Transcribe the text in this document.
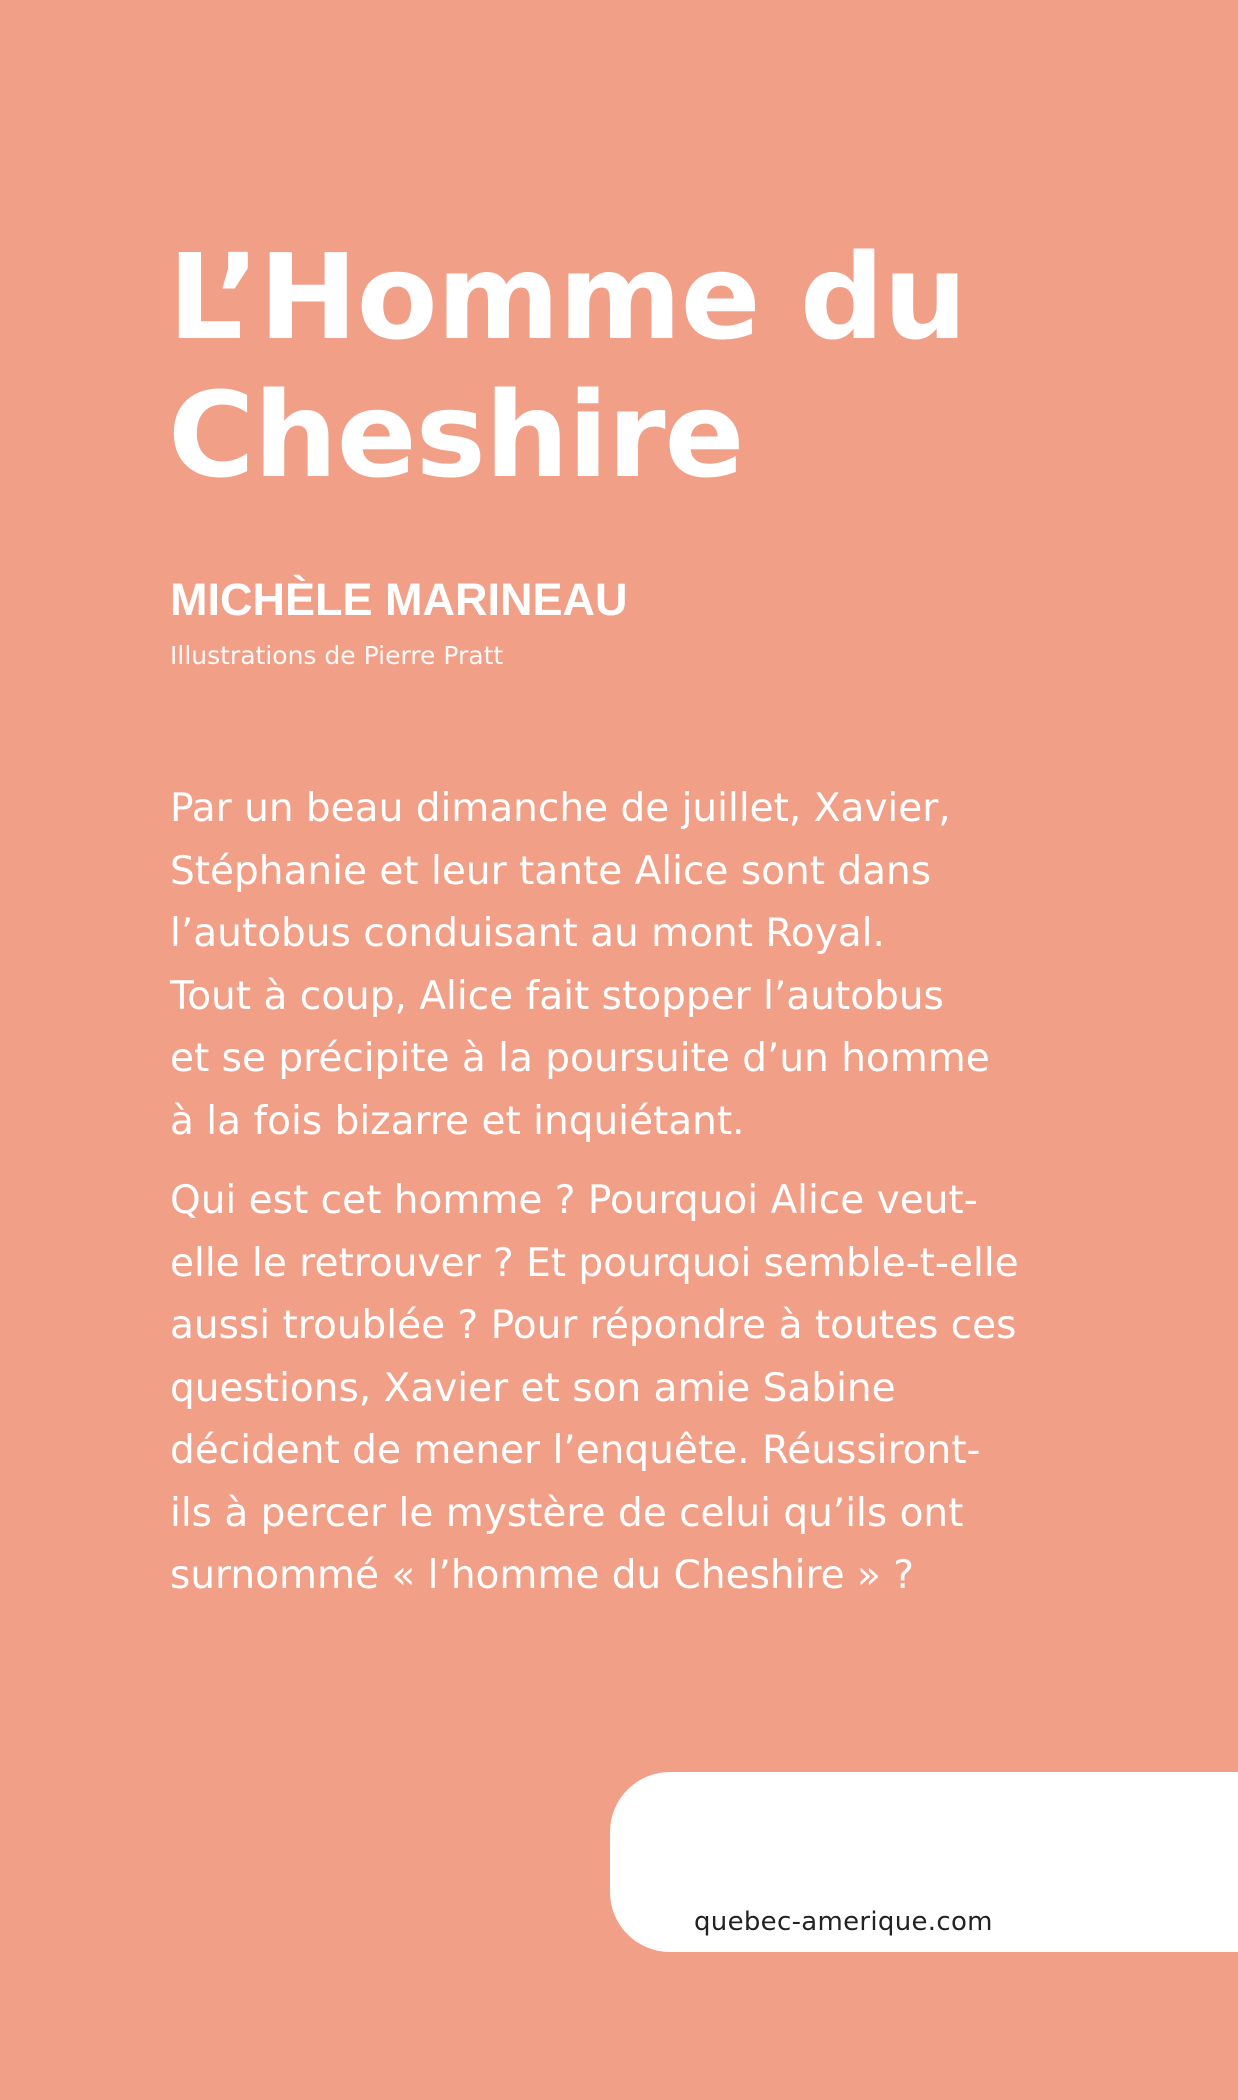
L’Homme du
Cheshire

MICHÈLE MARINEAU

Illustrations de Pierre Pratt

Par un beau dimanche de juillet, Xavier,
Stéphanie et leur tante Alice sont dans
l’autobus conduisant au mont Royal.
Tout à coup, Alice fait stopper l’autobus
et se précipite à la poursuite d’un homme
à la fois bizarre et inquiétant.
Qui est cet homme ? Pourquoi Alice veut-
elle le retrouver ? Et pourquoi semble-t-elle
aussi troublée ? Pour répondre à toutes ces
questions, Xavier et son amie Sabine
décident de mener l’enquête. Réussiront-
ils à percer le mystère de celui qu’ils ont
surnommé « l’homme du Cheshire » ?

quebec-amerique.com
